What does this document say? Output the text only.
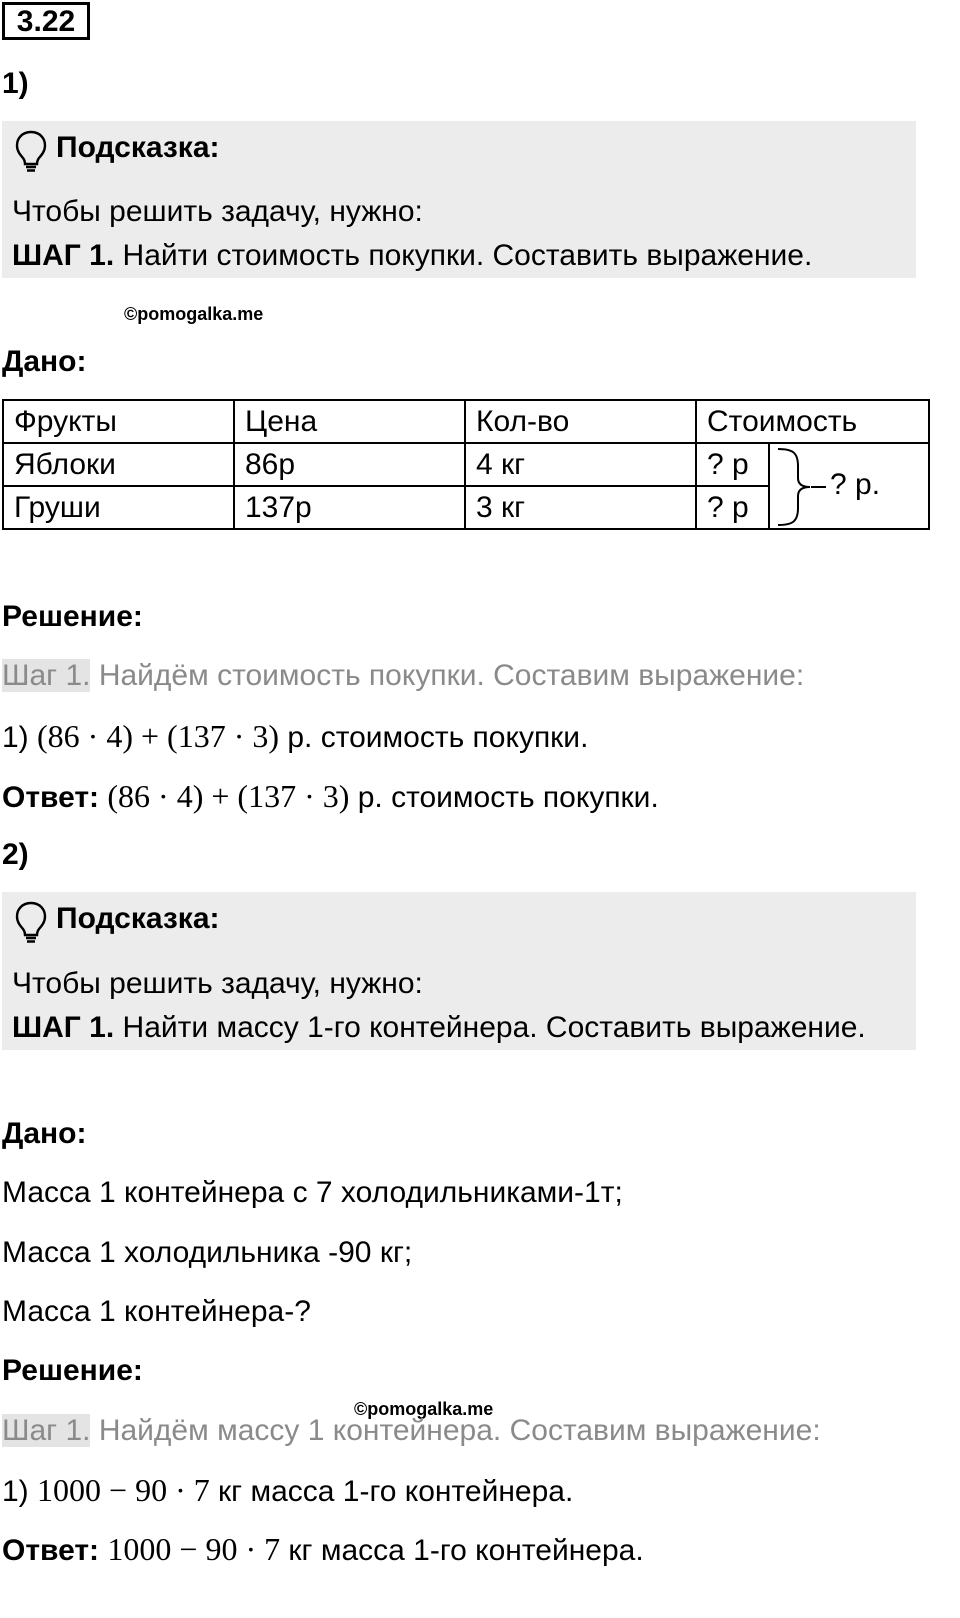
3.22
1)
Подсказка:
Чтобы решить задачу, нужно:
ШАГ 1. Найти стоимость покупки. Составить выражение.
©pomogalka.me
Дано:
Фрукты	Цена	Кол-во	Стоимость	
Яблоки	86р	4 кг	? р	? р.

Груши	137р	3 кг	? р	
Решение:
Шаг 1. Найдём стоимость покупки. Составим выражение:
1) (86 · 4) + (137 · 3) р. стоимость покупки.
Ответ: (86 · 4) + (137 · 3) р. стоимость покупки.
2)
Подсказка:
Чтобы решить задачу, нужно:
ШАГ 1. Найти массу 1-го контейнера. Составить выражение.
Дано:
Масса 1 контейнера с 7 холодильниками-1т;
Масса 1 холодильника -90 кг;
Масса 1 контейнера-?
Решение:
©pomogalka.me
Шаг 1. Найдём массу 1 контейнера. Составим выражение:
1) 1000 − 90 · 7 кг масса 1-го контейнера.
Ответ: 1000 − 90 · 7 кг масса 1-го контейнера.
